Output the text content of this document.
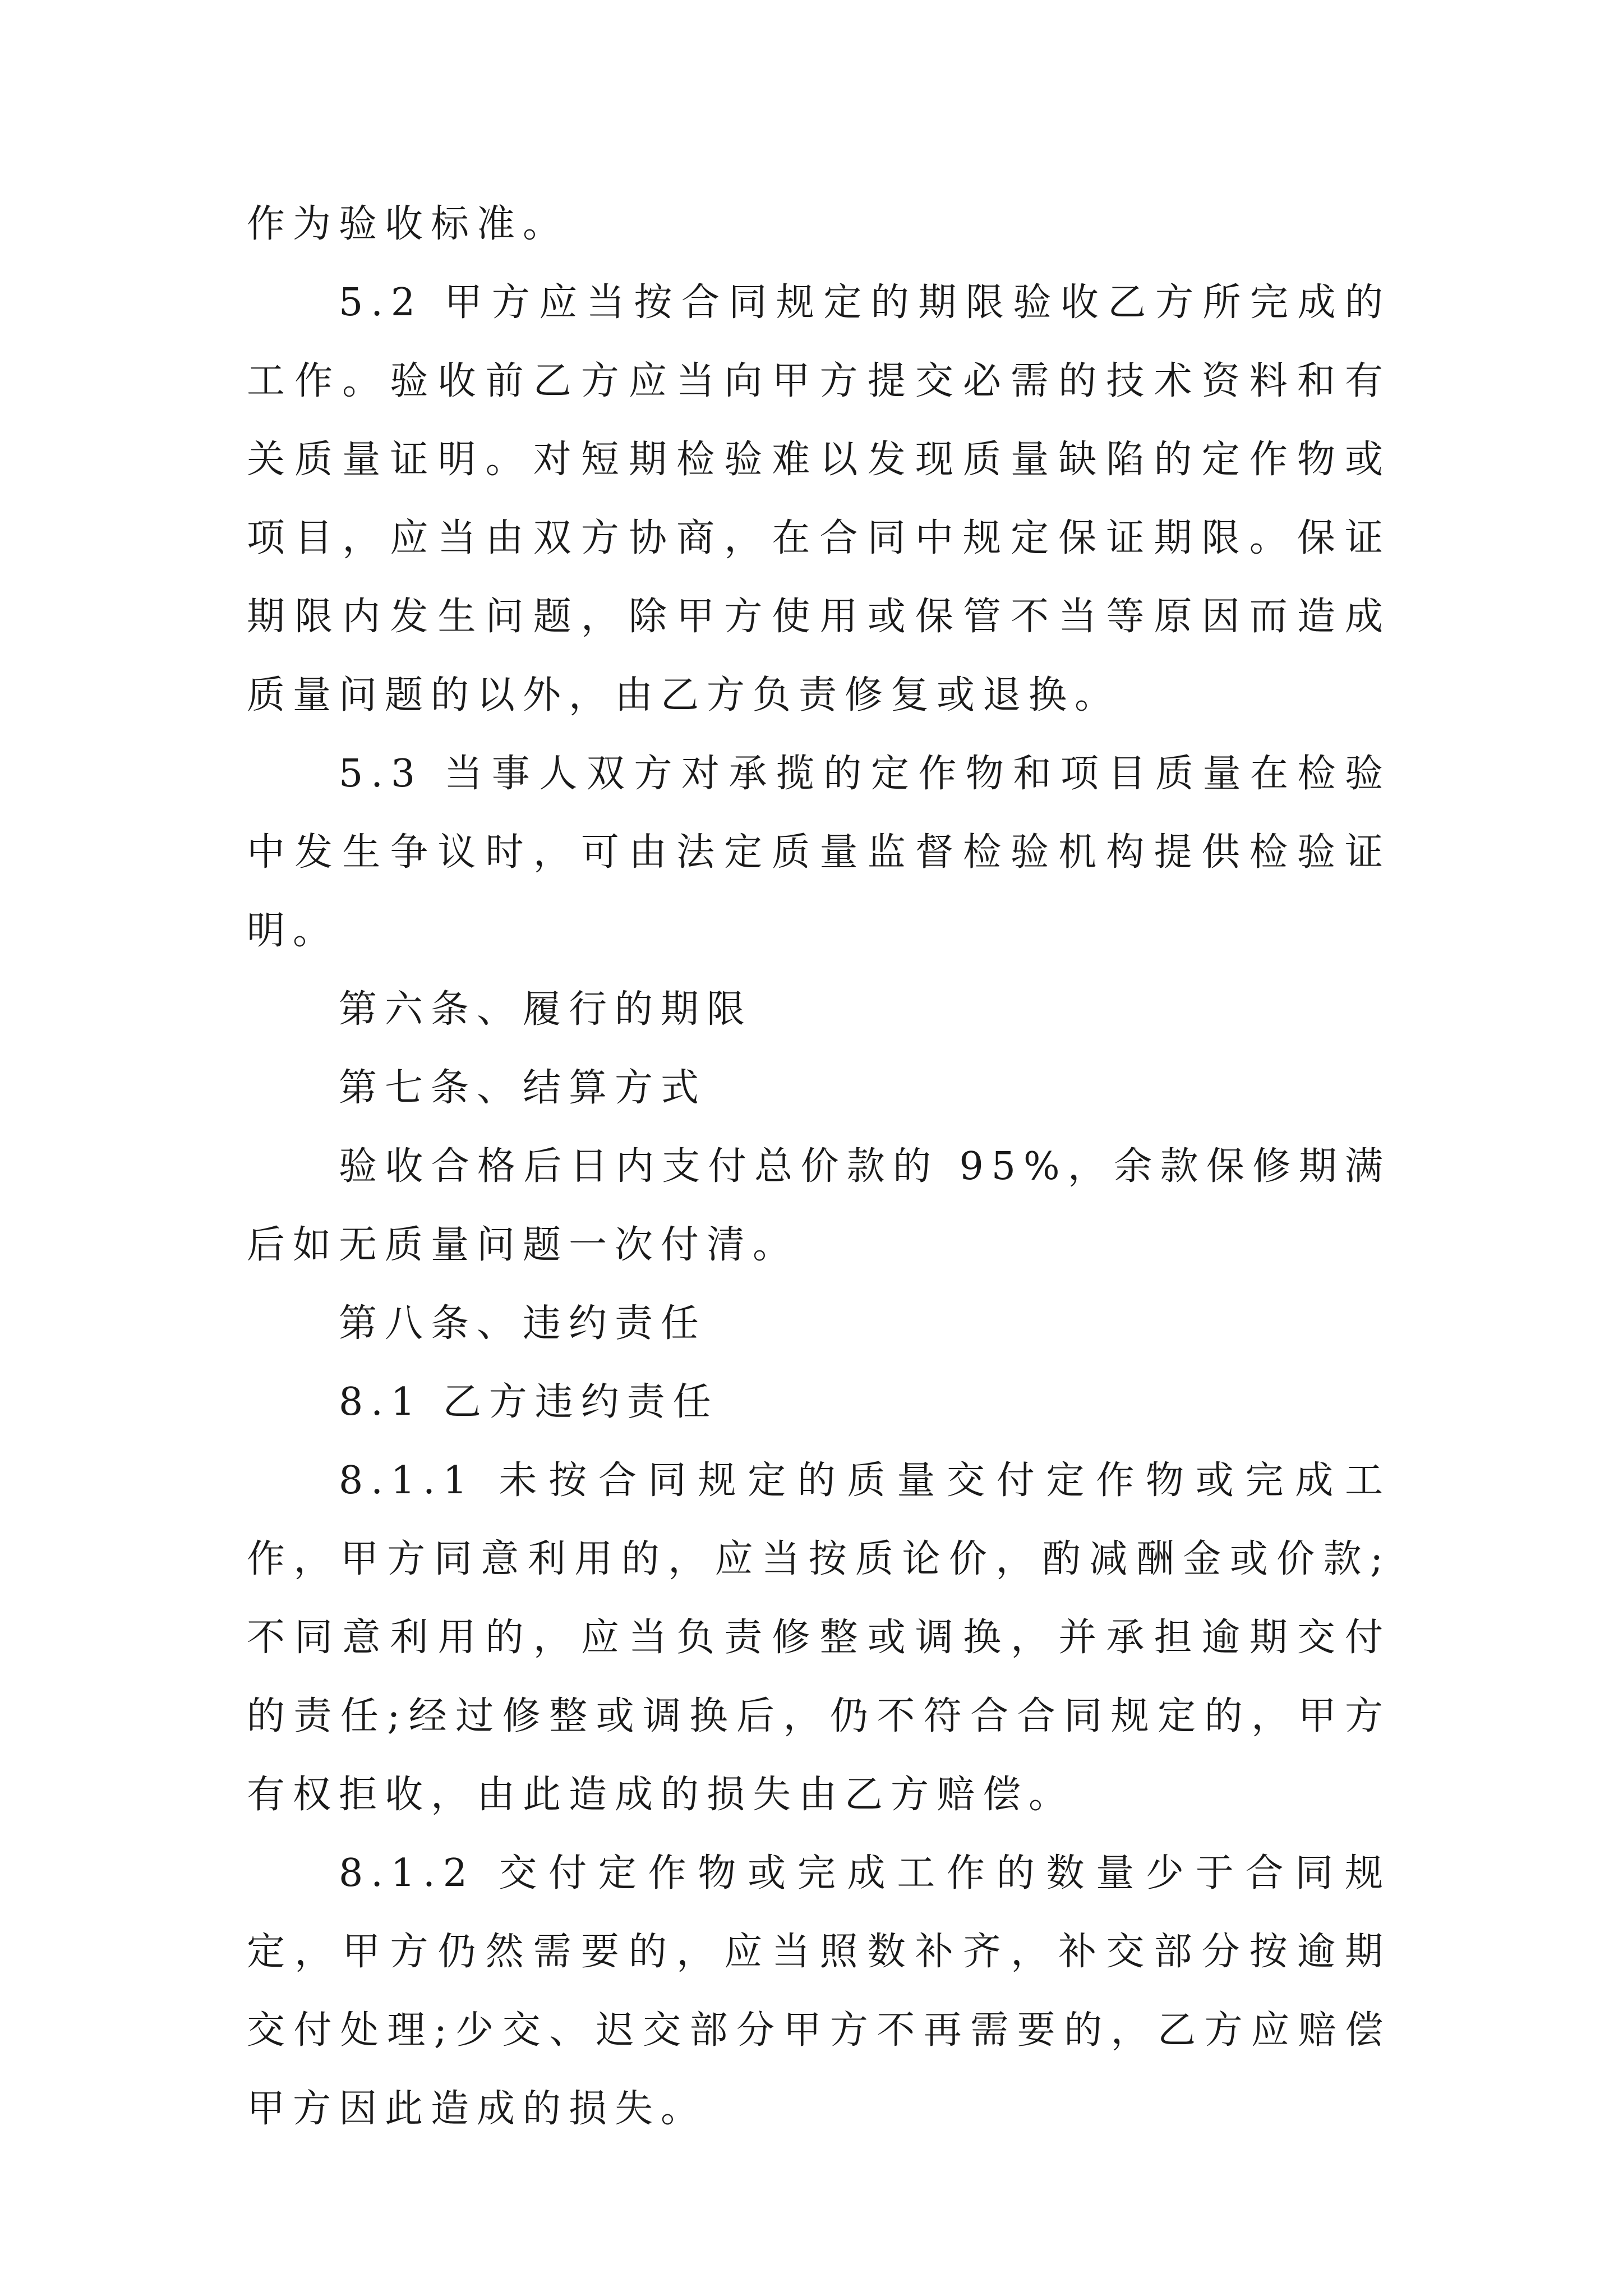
作为验收标准。

5.2 甲方应当按合同规定的期限验收乙方所完成的工作。验收前乙方应当向甲方提交必需的技术资料和有关质量证明。对短期检验难以发现质量缺陷的定作物或项目，应当由双方协商，在合同中规定保证期限。保证期限内发生问题，除甲方使用或保管不当等原因而造成质量问题的以外，由乙方负责修复或退换。

5.3 当事人双方对承揽的定作物和项目质量在检验中发生争议时，可由法定质量监督检验机构提供检验证明。

第六条、履行的期限

第七条、结算方式

验收合格后日内支付总价款的 95%，余款保修期满后如无质量问题一次付清。

第八条、违约责任

8.1 乙方违约责任

8.1.1 未按合同规定的质量交付定作物或完成工作，甲方同意利用的，应当按质论价，酌减酬金或价款;不同意利用的，应当负责修整或调换，并承担逾期交付的责任;经过修整或调换后，仍不符合合同规定的，甲方有权拒收，由此造成的损失由乙方赔偿。

8.1.2 交付定作物或完成工作的数量少于合同规定，甲方仍然需要的，应当照数补齐，补交部分按逾期交付处理;少交、迟交部分甲方不再需要的，乙方应赔偿甲方因此造成的损失。
